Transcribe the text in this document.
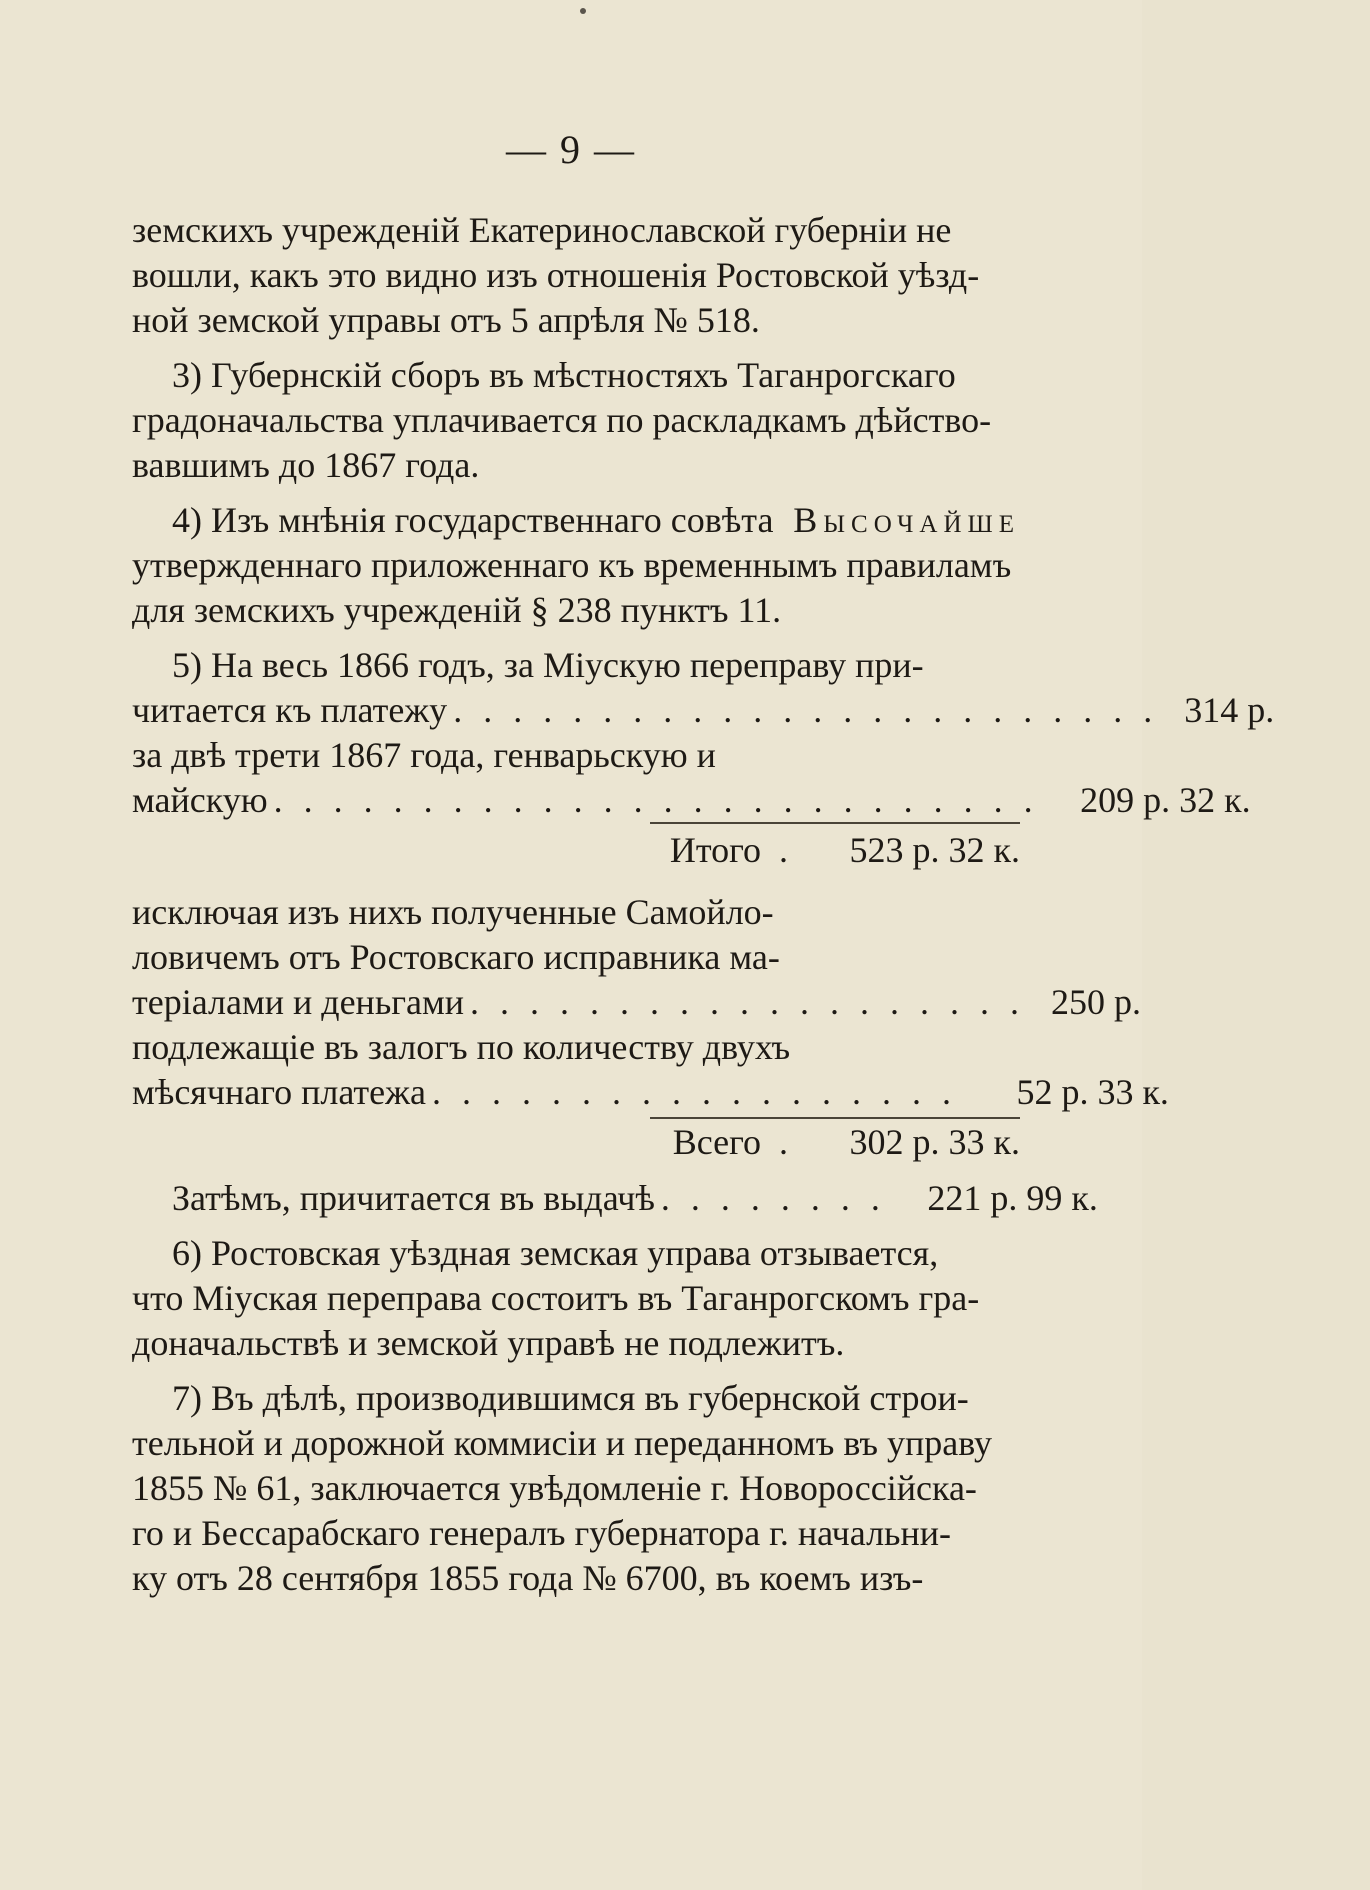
— 9 —
земскихъ учрежденій Екатеринославской губерніи не
вошли, какъ это видно изъ отношенія Ростовской уѣзд-
ной земской управы отъ 5 апрѣля № 518.
3) Губернскій сборъ въ мѣстностяхъ Таганрогскаго
градоначальства уплачивается по раскладкамъ дѣйство-
вавшимъ до 1867 года.
4) Изъ мнѣнія государственнаго совѣта Высочайше
утвержденнаго приложеннаго къ временнымъ правиламъ
для земскихъ учрежденій § 238 пунктъ 11.
5) На весь 1866 годъ, за Міускую переправу при-
читается къ платежу . . . . . . . . . . . . . . . . . . . . . . . . 314 р.
за двѣ трети 1867 года, генварьскую и
майскую . . . . . . . . . . . . . . . . . . . . . . . . . .	209 р. 32 к.
Итого .	523 р. 32 к.
исключая изъ нихъ полученные Самойло-
ловичемъ отъ Ростовскаго исправника ма-
теріалами и деньгами . . . . . . . . . . . . . . . . . . . 250 р.
подлежащіе въ залогъ по количеству двухъ
мѣсячнаго платежа . . . . . . . . . . . . . . . . . .	52 р. 33 к.
Всего .	302 р. 33 к.
Затѣмъ, причитается въ выдачѣ . . . . . . . .	221 р. 99 к.
6) Ростовская уѣздная земская управа отзывается,
что Міуская переправа состоитъ въ Таганрогскомъ гра-
доначальствѣ и земской управѣ не подлежитъ.
7) Въ дѣлѣ, производившимся въ губернской строи-
тельной и дорожной коммисіи и переданномъ въ управу
1855 № 61, заключается увѣдомленіе г. Новороссійска-
го и Бессарабскаго генералъ губернатора г. начальни-
ку отъ 28 сентября 1855 года № 6700, въ коемъ изъ-
